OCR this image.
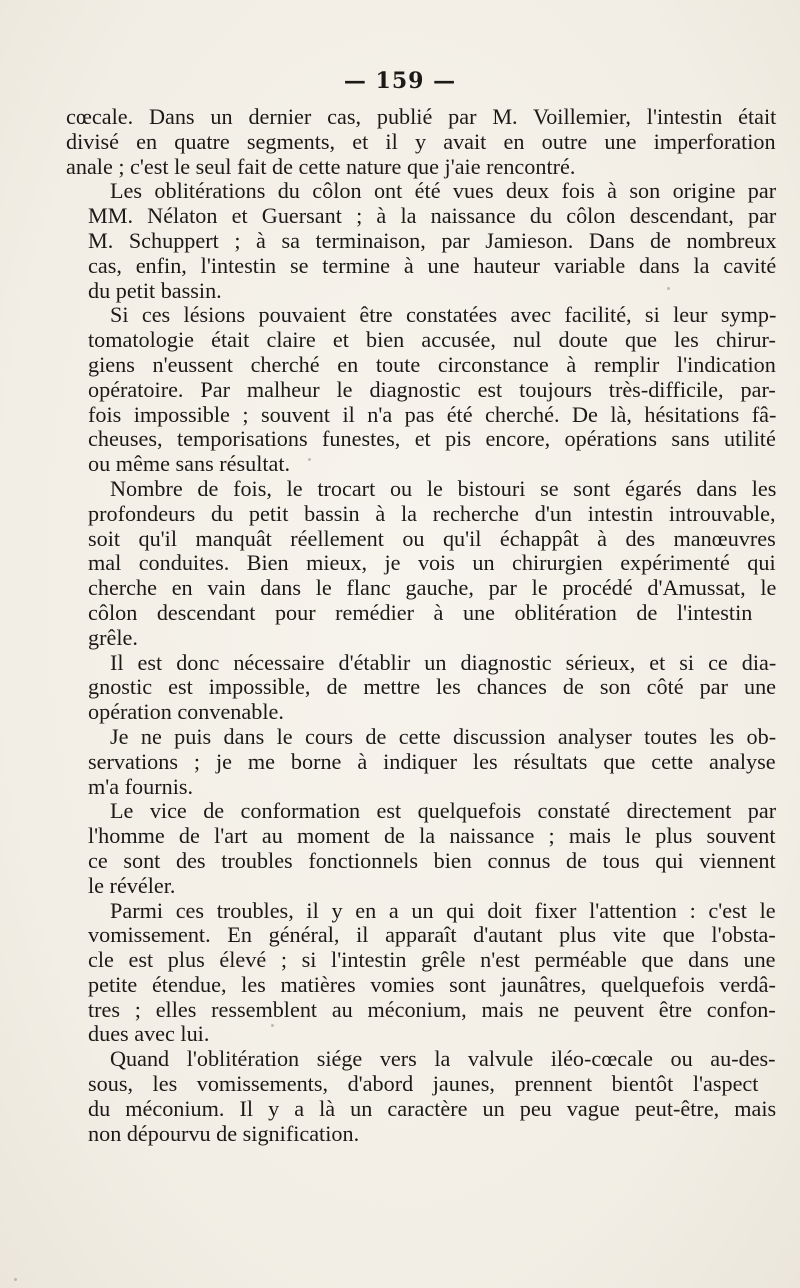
— 159 —
cœcale. Dans un dernier cas, publié par M. Voillemier, l'intestin était
divisé en quatre segments, et il y avait en outre une imperforation
anale ; c'est le seul fait de cette nature que j'aie rencontré.
Les oblitérations du côlon ont été vues deux fois à son origine par
MM. Nélaton et Guersant ; à la naissance du côlon descendant, par
M. Schuppert ; à sa terminaison, par Jamieson. Dans de nombreux
cas, enfin, l'intestin se termine à une hauteur variable dans la cavité
du petit bassin.
Si ces lésions pouvaient être constatées avec facilité, si leur symp-
tomatologie était claire et bien accusée, nul doute que les chirur-
giens n'eussent cherché en toute circonstance à remplir l'indication
opératoire. Par malheur le diagnostic est toujours très-difficile, par-
fois impossible ; souvent il n'a pas été cherché. De là, hésitations fâ-
cheuses, temporisations funestes, et pis encore, opérations sans utilité
ou même sans résultat.
Nombre de fois, le trocart ou le bistouri se sont égarés dans les
profondeurs du petit bassin à la recherche d'un intestin introuvable,
soit qu'il manquât réellement ou qu'il échappât à des manœuvres
mal conduites. Bien mieux, je vois un chirurgien expérimenté qui
cherche en vain dans le flanc gauche, par le procédé d'Amussat, le
côlon descendant pour remédier à une oblitération de l'intestin
grêle.
Il est donc nécessaire d'établir un diagnostic sérieux, et si ce dia-
gnostic est impossible, de mettre les chances de son côté par une
opération convenable.
Je ne puis dans le cours de cette discussion analyser toutes les ob-
servations ; je me borne à indiquer les résultats que cette analyse
m'a fournis.
Le vice de conformation est quelquefois constaté directement par
l'homme de l'art au moment de la naissance ; mais le plus souvent
ce sont des troubles fonctionnels bien connus de tous qui viennent
le révéler.
Parmi ces troubles, il y en a un qui doit fixer l'attention : c'est le
vomissement. En général, il apparaît d'autant plus vite que l'obsta-
cle est plus élevé ; si l'intestin grêle n'est perméable que dans une
petite étendue, les matières vomies sont jaunâtres, quelquefois verdâ-
tres ; elles ressemblent au méconium, mais ne peuvent être confon-
dues avec lui.
Quand l'oblitération siége vers la valvule iléo-cœcale ou au-des-
sous, les vomissements, d'abord jaunes, prennent bientôt l'aspect
du méconium. Il y a là un caractère un peu vague peut-être, mais
non dépourvu de signification.
